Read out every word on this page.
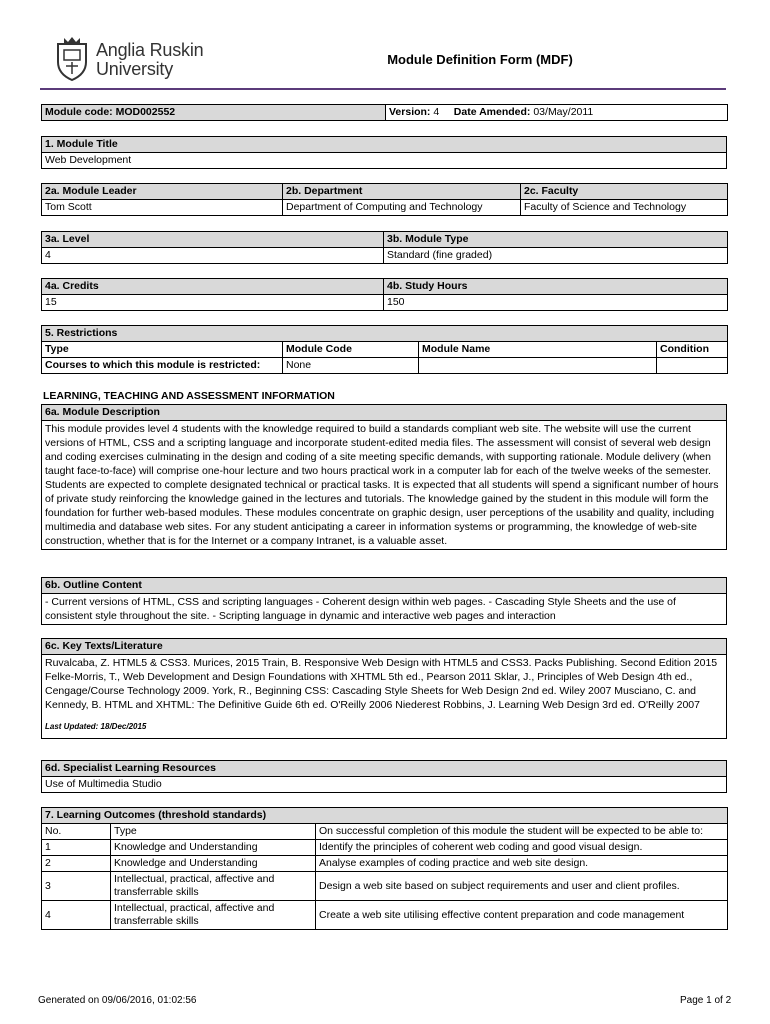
Anglia Ruskin
University	Module Definition Form (MDF)
Module code: MOD002552	Version: 4 Date Amended: 03/May/2011
1. Module Title
Web Development
2a. Module Leader	2b. Department	2c. Faculty
Tom Scott	Department of Computing and Technology	Faculty of Science and Technology
3a. Level	3b. Module Type
4	Standard (fine graded)
4a. Credits	4b. Study Hours
15	150
5. Restrictions			
Type	Module Code	Module Name	Condition
Courses to which this module is restricted:	None		
LEARNING, TEACHING AND ASSESSMENT INFORMATION
6a. Module Description
This module provides level 4 students with the knowledge required to build a standards compliant web site. The website will use the current versions of HTML, CSS and a scripting language and incorporate student-edited media files. The assessment will consist of several web design and coding exercises culminating in the design and coding of a site meeting specific demands, with supporting rationale. Module delivery (when taught face-to-face) will comprise one-hour lecture and two hours practical work in a computer lab for each of the twelve weeks of the semester. Students are expected to complete designated technical or practical tasks. It is expected that all students will spend a significant number of hours of private study reinforcing the knowledge gained in the lectures and tutorials. The knowledge gained by the student in this module will form the foundation for further web-based modules. These modules concentrate on graphic design, user perceptions of the usability and quality, including multimedia and database web sites. For any student anticipating a career in information systems or programming, the knowledge of web-site construction, whether that is for the Internet or a company Intranet, is a valuable asset.
6b. Outline Content
- Current versions of HTML, CSS and scripting languages - Coherent design within web pages. - Cascading Style Sheets and the use of consistent style throughout the site. - Scripting language in dynamic and interactive web pages and interaction
6c. Key Texts/Literature

Ruvalcaba, Z. HTML5 & CSS3. Murices, 2015 Train, B. Responsive Web Design with HTML5 and CSS3. Packs Publishing. Second Edition 2015 Felke-Morris, T., Web Development and Design Foundations with XHTML 5th ed., Pearson 2011 Sklar, J., Principles of Web Design 4th ed., Cengage/Course Technology 2009. York, R., Beginning CSS: Cascading Style Sheets for Web Design 2nd ed. Wiley 2007 Musciano, C. and Kennedy, B. HTML and XHTML: The Definitive Guide 6th ed. O'Reilly 2006 Niederest Robbins, J. Learning Web Design 3rd ed. O'Reilly 2007
Last Updated: 18/Dec/2015
6d. Specialist Learning Resources
Use of Multimedia Studio
7. Learning Outcomes (threshold standards)		
No.	Type	On successful completion of this module the student will be expected to be able to:
1	Knowledge and Understanding	Identify the principles of coherent web coding and good visual design.
2	Knowledge and Understanding	Analyse examples of coding practice and web site design.
3	Intellectual, practical, affective and transferrable skills	Design a web site based on subject requirements and user and client profiles.
4	Intellectual, practical, affective and transferrable skills	Create a web site utilising effective content preparation and code management
Generated on 09/06/2016, 01:02:56	Page 1 of 2
